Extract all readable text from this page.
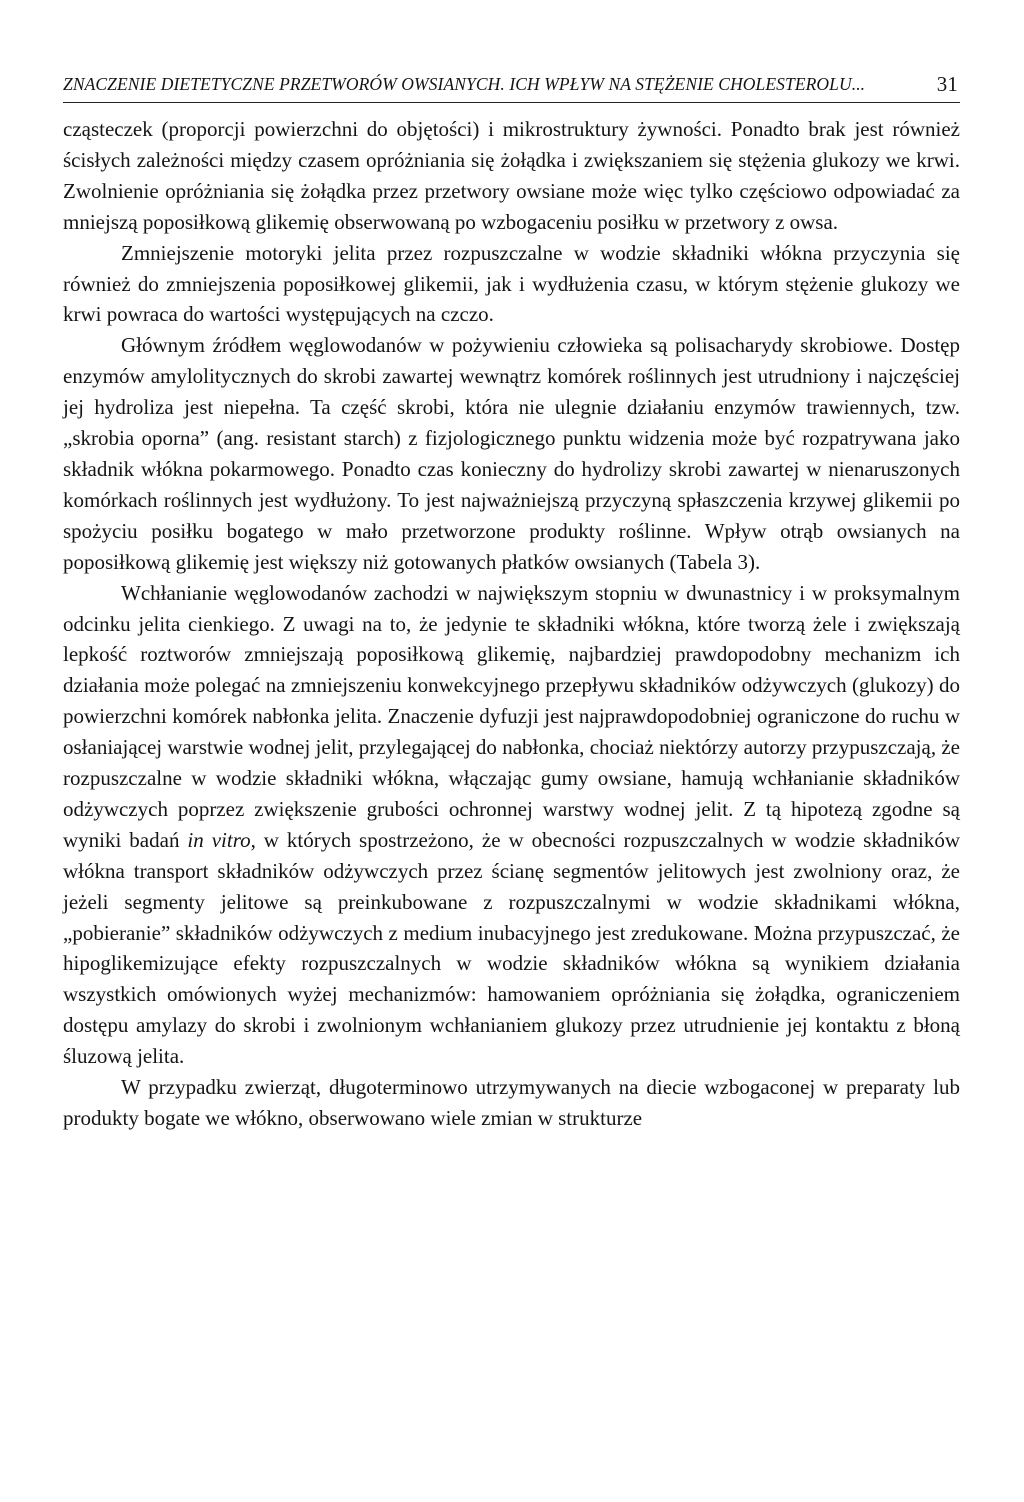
ZNACZENIE DIETETYCZNE PRZETWORÓW OWSIANYCH. ICH WPŁYW NA STĘŻENIE CHOLESTEROLU...	31

cząsteczek (proporcji powierzchni do objętości) i mikrostruktury żywności. Ponadto brak jest również ścisłych zależności między czasem opróżniania się żołądka i zwiększaniem się stężenia glukozy we krwi. Zwolnienie opróżniania się żołądka przez przetwory owsiane może więc tylko częściowo odpowiadać za mniejszą poposiłkową glikemię obserwowaną po wzbogaceniu posiłku w przetwory z owsa.

Zmniejszenie motoryki jelita przez rozpuszczalne w wodzie składniki włókna przyczynia się również do zmniejszenia poposiłkowej glikemii, jak i wydłużenia czasu, w którym stężenie glukozy we krwi powraca do wartości występujących na czczo.

Głównym źródłem węglowodanów w pożywieniu człowieka są polisacharydy skrobiowe. Dostęp enzymów amylolitycznych do skrobi zawartej wewnątrz komórek roślinnych jest utrudniony i najczęściej jej hydroliza jest niepełna. Ta część skrobi, która nie ulegnie działaniu enzymów trawiennych, tzw. „skrobia oporna” (ang. resistant starch) z fizjologicznego punktu widzenia może być rozpatrywana jako składnik włókna pokarmowego. Ponadto czas konieczny do hydrolizy skrobi zawartej w nienaruszonych komórkach roślinnych jest wydłużony. To jest najważniejszą przyczyną spłaszczenia krzywej glikemii po spożyciu posiłku bogatego w mało przetworzone produkty roślinne. Wpływ otrąb owsianych na poposiłkową glikemię jest większy niż gotowanych płatków owsianych (Tabela 3).

Wchłanianie węglowodanów zachodzi w największym stopniu w dwunastnicy i w proksymalnym odcinku jelita cienkiego. Z uwagi na to, że jedynie te składniki włókna, które tworzą żele i zwiększają lepkość roztworów zmniejszają poposiłkową glikemię, najbardziej prawdopodobny mechanizm ich działania może polegać na zmniejszeniu konwekcyjnego przepływu składników odżywczych (glukozy) do powierzchni komórek nabłonka jelita. Znaczenie dyfuzji jest najprawdopodobniej ograniczone do ruchu w osłaniającej warstwie wodnej jelit, przylegającej do nabłonka, chociaż niektórzy autorzy przypuszczają, że rozpuszczalne w wodzie składniki włókna, włączając gumy owsiane, hamują wchłanianie składników odżywczych poprzez zwiększenie grubości ochronnej warstwy wodnej jelit. Z tą hipotezą zgodne są wyniki badań in vitro, w których spostrzeżono, że w obecności rozpuszczalnych w wodzie składników włókna transport składników odżywczych przez ścianę segmentów jelitowych jest zwolniony oraz, że jeżeli segmenty jelitowe są preinkubowane z rozpuszczalnymi w wodzie składnikami włókna, „pobieranie” składników odżywczych z medium inubacyjnego jest zredukowane. Można przypuszczać, że hipoglikemizujące efekty rozpuszczalnych w wodzie składników włókna są wynikiem działania wszystkich omówionych wyżej mechanizmów: hamowaniem opróżniania się żołądka, ograniczeniem dostępu amylazy do skrobi i zwolnionym wchłanianiem glukozy przez utrudnienie jej kontaktu z błoną śluzową jelita.

W przypadku zwierząt, długoterminowo utrzymywanych na diecie wzbogaconej w preparaty lub produkty bogate we włókno, obserwowano wiele zmian w strukturze
